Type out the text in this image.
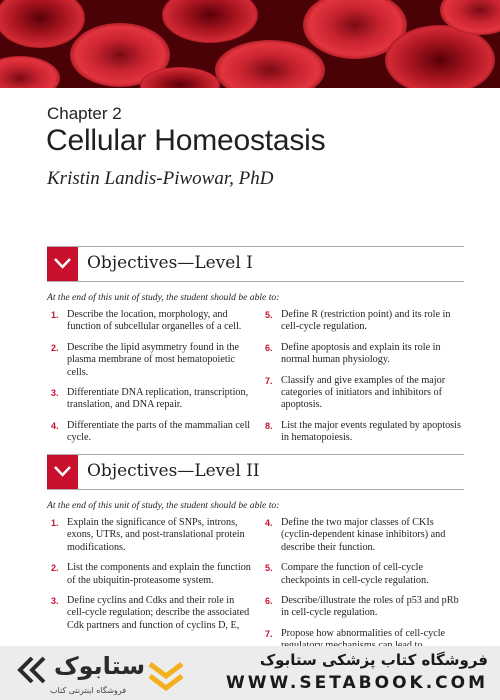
Chapter 2
Cellular Homeostasis
Kristin Landis-Piwowar, PhD
Objectives—Level I
At the end of this unit of study, the student should be able to:
1. Describe the location, morphology, and function of subcellular organelles of a cell.
2. Describe the lipid asymmetry found in the plasma membrane of most hematopoietic cells.
3. Differentiate DNA replication, transcription, translation, and DNA repair.
4. Differentiate the parts of the mammalian cell cycle.
5. Define R (restriction point) and its role in cell-cycle regulation.
6. Define apoptosis and explain its role in normal human physiology.
7. Classify and give examples of the major categories of initiators and inhibitors of apoptosis.
8. List the major events regulated by apoptosis in hematopoiesis.
Objectives—Level II
At the end of this unit of study, the student should be able to:
1. Explain the significance of SNPs, introns, exons, UTRs, and post-translational protein modifications.
2. List the components and explain the function of the ubiquitin-proteasome system.
3. Define cyclins and Cdks and their role in cell-cycle regulation; describe the associated Cdk partners and function of cyclins D, E,
4. Define the two major classes of CKIs (cyclin-dependent kinase inhibitors) and describe their function.
5. Compare the function of cell-cycle checkpoints in cell-cycle regulation.
6. Describe/illustrate the roles of p53 and pRb in cell-cycle regulation.
7. Propose how abnormalities of cell-cycle
ستابوک
فروشگاه اینترنتی کتاب
فروشگاه کتاب پزشکی ستابوک
WWW.SETABOOK.COM
